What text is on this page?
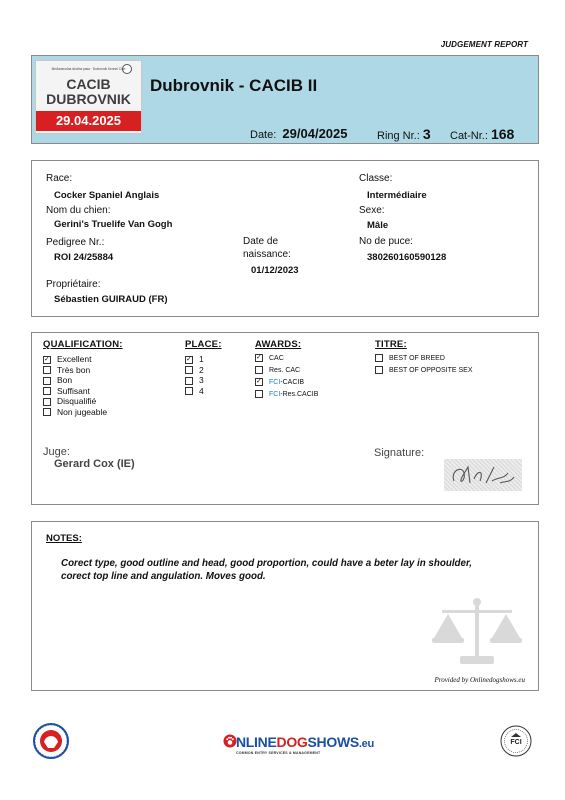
JUDGEMENT REPORT
Međunarodna izložba pasa · Dubrovnik Kennel Club
CACIB
DUBROVNIK
29.04.2025
Dubrovnik - CACIB II
Date: 29/04/2025	Ring Nr.: 3 Cat-Nr.: 168
Race:
Cocker Spaniel Anglais
Nom du chien:
Gerini's Truelife Van Gogh
Pedigree Nr.:
ROI 24/25884
Date de
naissance:
01/12/2023
Propriétaire:
Sébastien GUIRAUD (FR)
Classe:
Intermédiaire
Sexe:
Mâle
No de puce:
380260160590128
QUALIFICATION:
✓Excellent
Très bon
Bon
Suffisant
Disqualifié
Non jugeable
PLACE:
✓1
2
3
4
AWARDS:
✓CAC
Res. CAC
✓FCI-CACIB
FCI-Res.CACIB
TITRE:
BEST OF BREED
BEST OF OPPOSITE SEX
Juge:
Gerard Cox (IE)
Signature:
NOTES:
Corect type, good outline and head, good proportion, could have a beter lay in shoulder, corect top line and angulation. Moves good.
Provided by Onlinedogshows.eu
NLINEDOGSHOWS.eu
COMMON ENTRY SERVICES & MANAGEMENT
FCI
